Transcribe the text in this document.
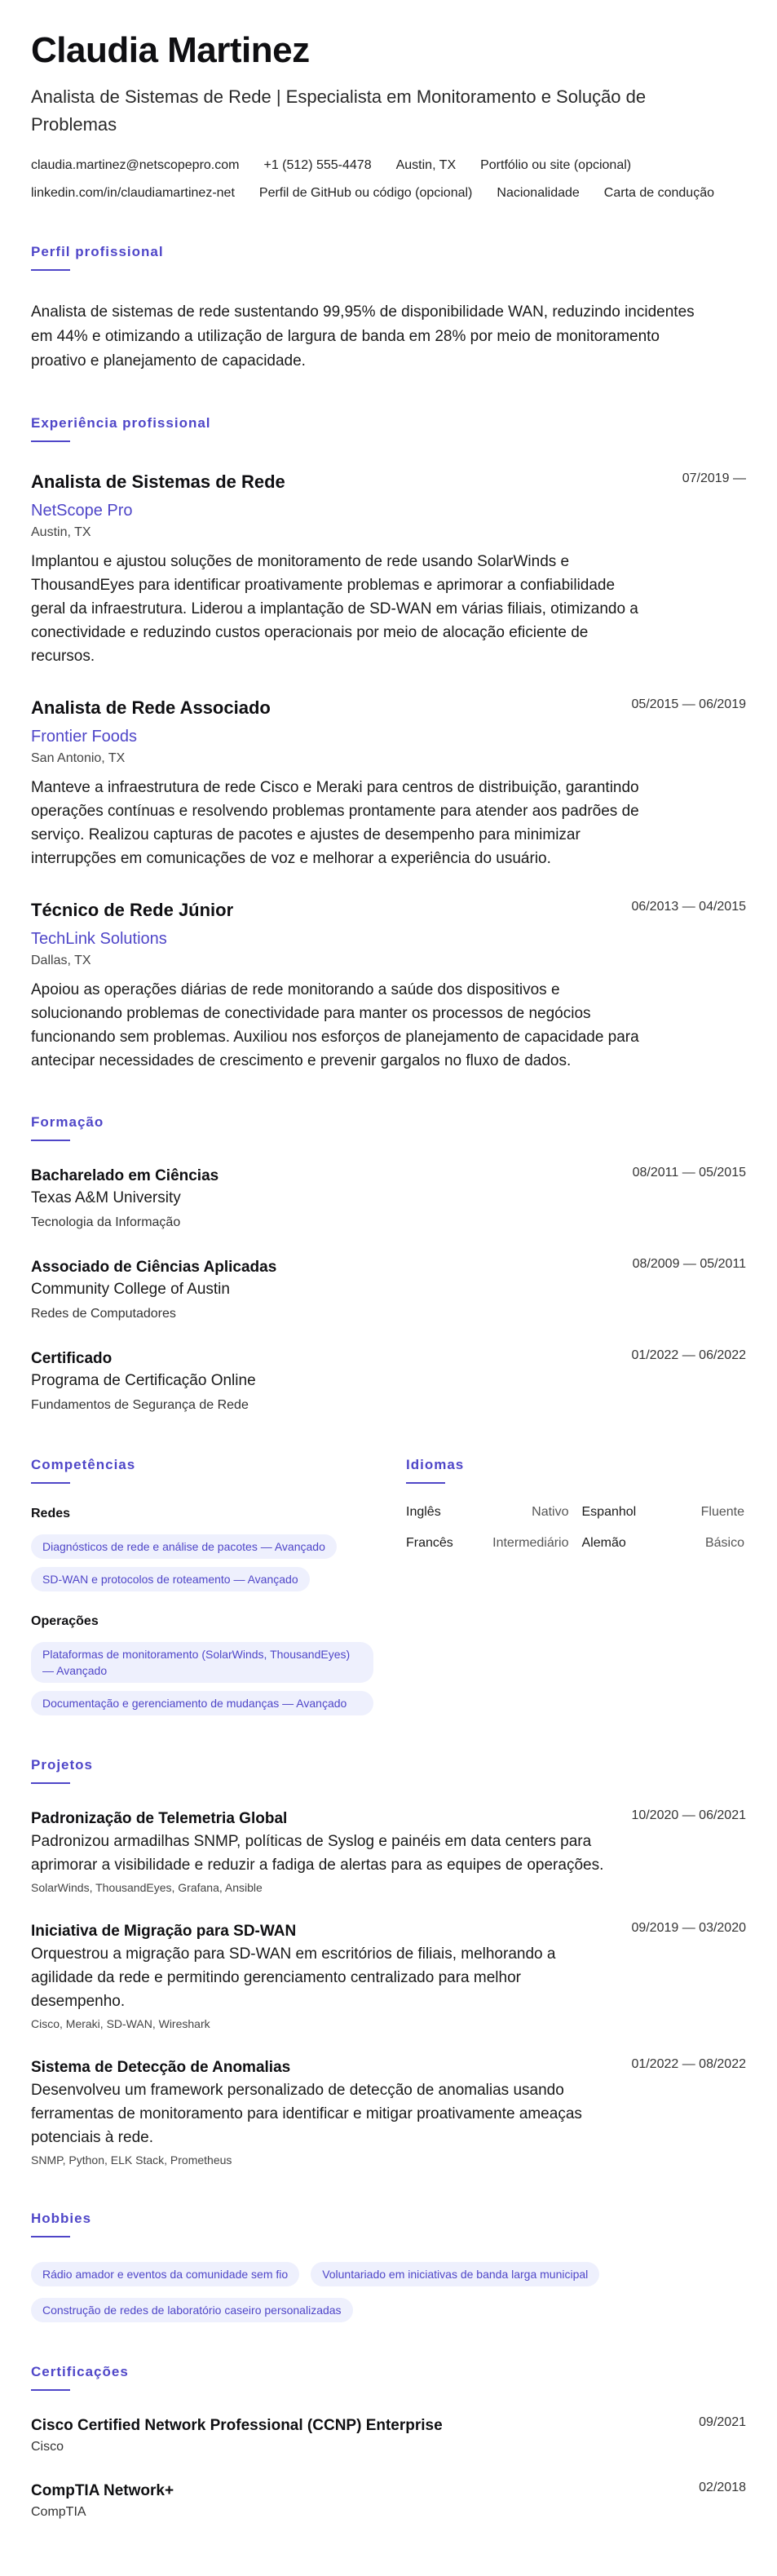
Claudia Martinez
Analista de Sistemas de Rede | Especialista em Monitoramento e Solução de Problemas
claudia.martinez@netscopepro.com +1 (512) 555-4478 Austin, TX Portfólio ou site (opcional)
linkedin.com/in/claudiamartinez-net Perfil de GitHub ou código (opcional) Nacionalidade Carta de condução
Perfil profissional

Analista de sistemas de rede sustentando 99,95% de disponibilidade WAN, reduzindo incidentes em 44% e otimizando a utilização de largura de banda em 28% por meio de monitoramento proativo e planejamento de capacidade.

Experiência profissional
Analista de Sistemas de Rede	07/2019 —
NetScope Pro
Austin, TX

Implantou e ajustou soluções de monitoramento de rede usando SolarWinds e ThousandEyes para identificar proativamente problemas e aprimorar a confiabilidade geral da infraestrutura. Liderou a implantação de SD-WAN em várias filiais, otimizando a conectividade e reduzindo custos operacionais por meio de alocação eficiente de recursos.

Analista de Rede Associado	05/2015 — 06/2019
Frontier Foods
San Antonio, TX

Manteve a infraestrutura de rede Cisco e Meraki para centros de distribuição, garantindo operações contínuas e resolvendo problemas prontamente para atender aos padrões de serviço. Realizou capturas de pacotes e ajustes de desempenho para minimizar interrupções em comunicações de voz e melhorar a experiência do usuário.

Técnico de Rede Júnior	06/2013 — 04/2015
TechLink Solutions
Dallas, TX

Apoiou as operações diárias de rede monitorando a saúde dos dispositivos e solucionando problemas de conectividade para manter os processos de negócios funcionando sem problemas. Auxiliou nos esforços de planejamento de capacidade para antecipar necessidades de crescimento e prevenir gargalos no fluxo de dados.

Formação
Bacharelado em Ciências	08/2011 — 05/2015
Texas A&M University
Tecnologia da Informação
Associado de Ciências Aplicadas	08/2009 — 05/2011
Community College of Austin
Redes de Computadores
Certificado	01/2022 — 06/2022
Programa de Certificação Online
Fundamentos de Segurança de Rede
Competências
Redes
Diagnósticos de rede e análise de pacotes — Avançado
SD-WAN e protocolos de roteamento — Avançado
Operações
Plataformas de monitoramento (SolarWinds, ThousandEyes) — Avançado
Documentação e gerenciamento de mudanças — Avançado
Idiomas
Inglês	Nativo Espanhol	Fluente
Francês	Intermediário Alemão	Básico
Projetos
Padronização de Telemetria Global	10/2020 — 06/2021

Padronizou armadilhas SNMP, políticas de Syslog e painéis em data centers para aprimorar a visibilidade e reduzir a fadiga de alertas para as equipes de operações.

SolarWinds, ThousandEyes, Grafana, Ansible
Iniciativa de Migração para SD-WAN	09/2019 — 03/2020

Orquestrou a migração para SD-WAN em escritórios de filiais, melhorando a agilidade da rede e permitindo gerenciamento centralizado para melhor desempenho.

Cisco, Meraki, SD-WAN, Wireshark
Sistema de Detecção de Anomalias	01/2022 — 08/2022

Desenvolveu um framework personalizado de detecção de anomalias usando ferramentas de monitoramento para identificar e mitigar proativamente ameaças potenciais à rede.

SNMP, Python, ELK Stack, Prometheus
Hobbies
Rádio amador e eventos da comunidade sem fio	Voluntariado em iniciativas de banda larga municipal
Construção de redes de laboratório caseiro personalizadas
Certificações
Cisco Certified Network Professional (CCNP) Enterprise	09/2021
Cisco
CompTIA Network+	02/2018
CompTIA
